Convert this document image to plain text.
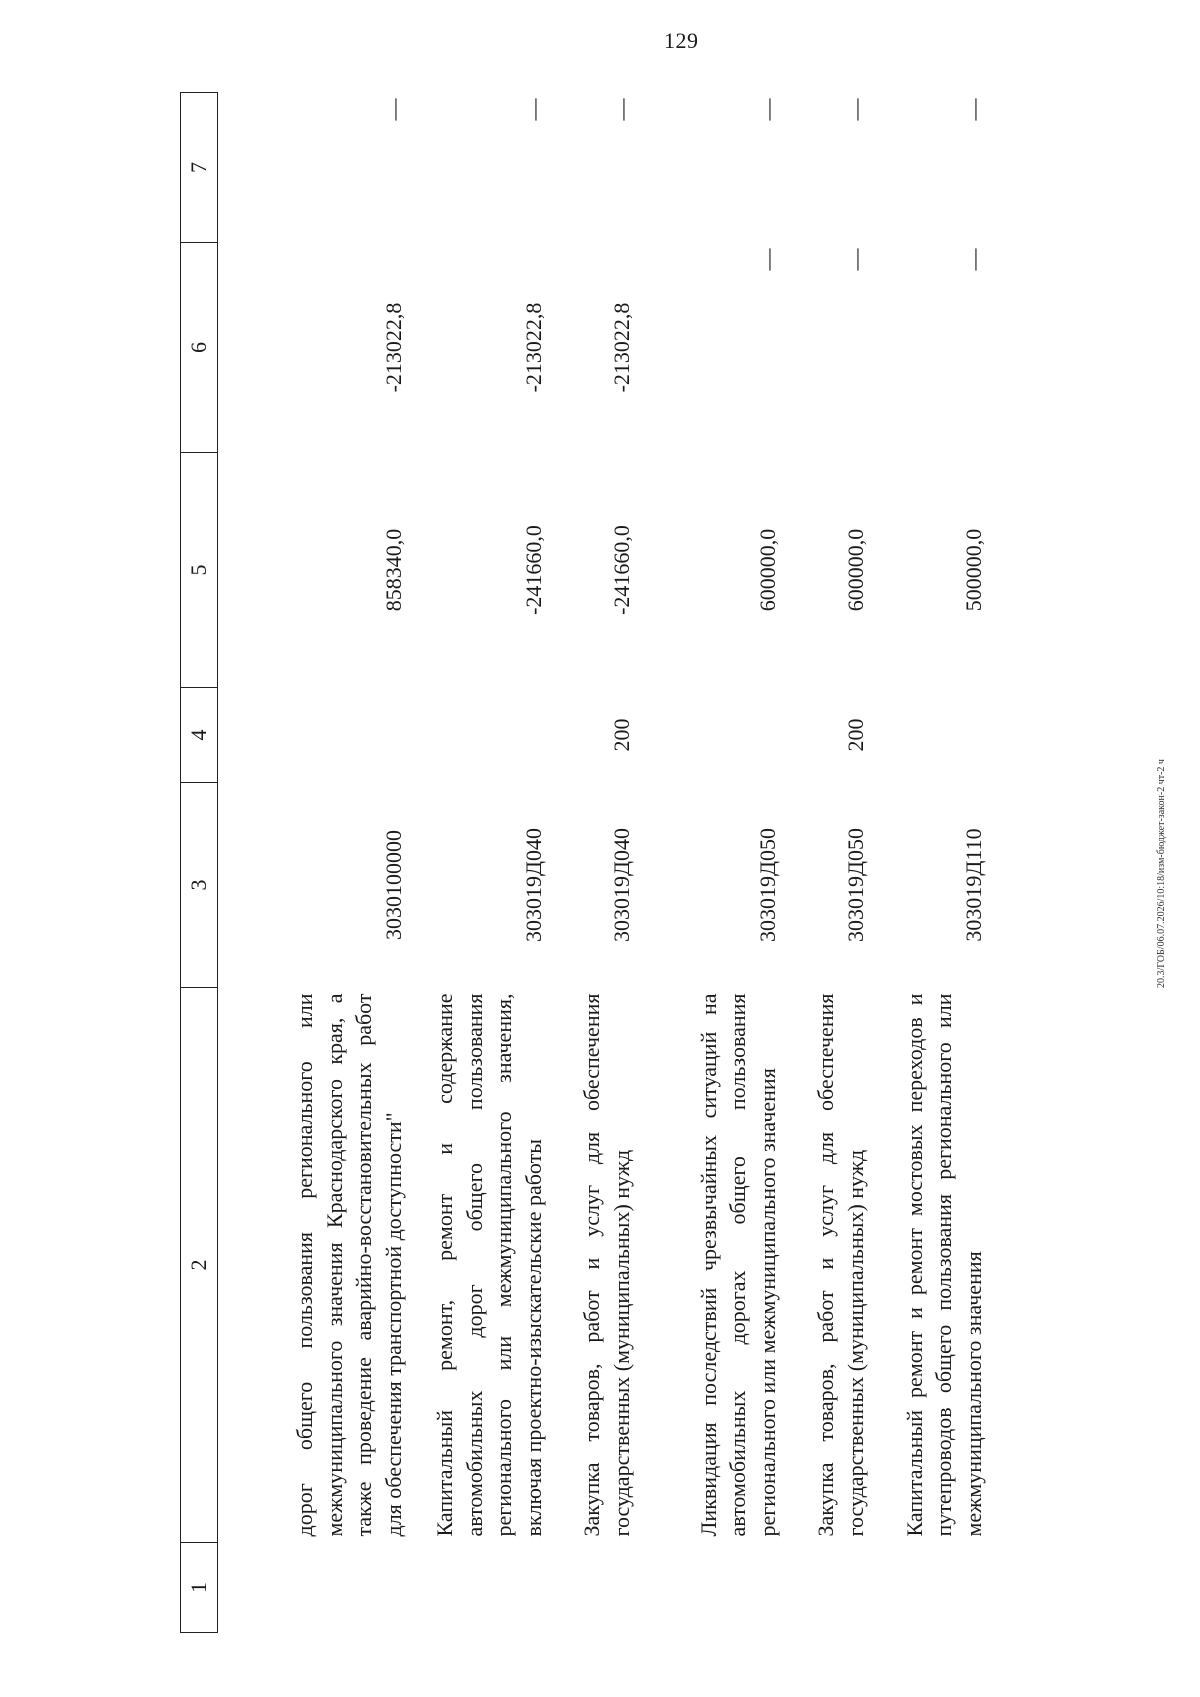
129
20.3/ГОБ/06.07.2026/10:18/изм-бюджет-закон-2 чт-2 ч
1	2	3	4	5	6	7
	дорог общего пользования регионального или межмуниципального значения Краснодарского края, а также проведение аварийно-восстановительных работ для обеспечения транспортной доступности"	3030100000		858340,0	-213022,8	—
	Капитальный ремонт, ремонт и содержание автомобильных дорог общего пользования регионального или межмуниципального значения, включая проектно-изыскательские работы	303019Д040		-241660,0	-213022,8	—
	Закупка товаров, работ и услуг для обеспечения государственных (муниципальных) нужд	303019Д040	200	-241660,0	-213022,8	—
	Ликвидация последствий чрезвычайных ситуаций на автомобильных дорогах общего пользования регионального или межмуниципального значения	303019Д050		600000,0	—	—
	Закупка товаров, работ и услуг для обеспечения государственных (муниципальных) нужд	303019Д050	200	600000,0	—	—
	Капитальный ремонт и ремонт мостовых переходов и путепроводов общего пользования регионального или межмуниципального значения	303019Д110		500000,0	—	—
